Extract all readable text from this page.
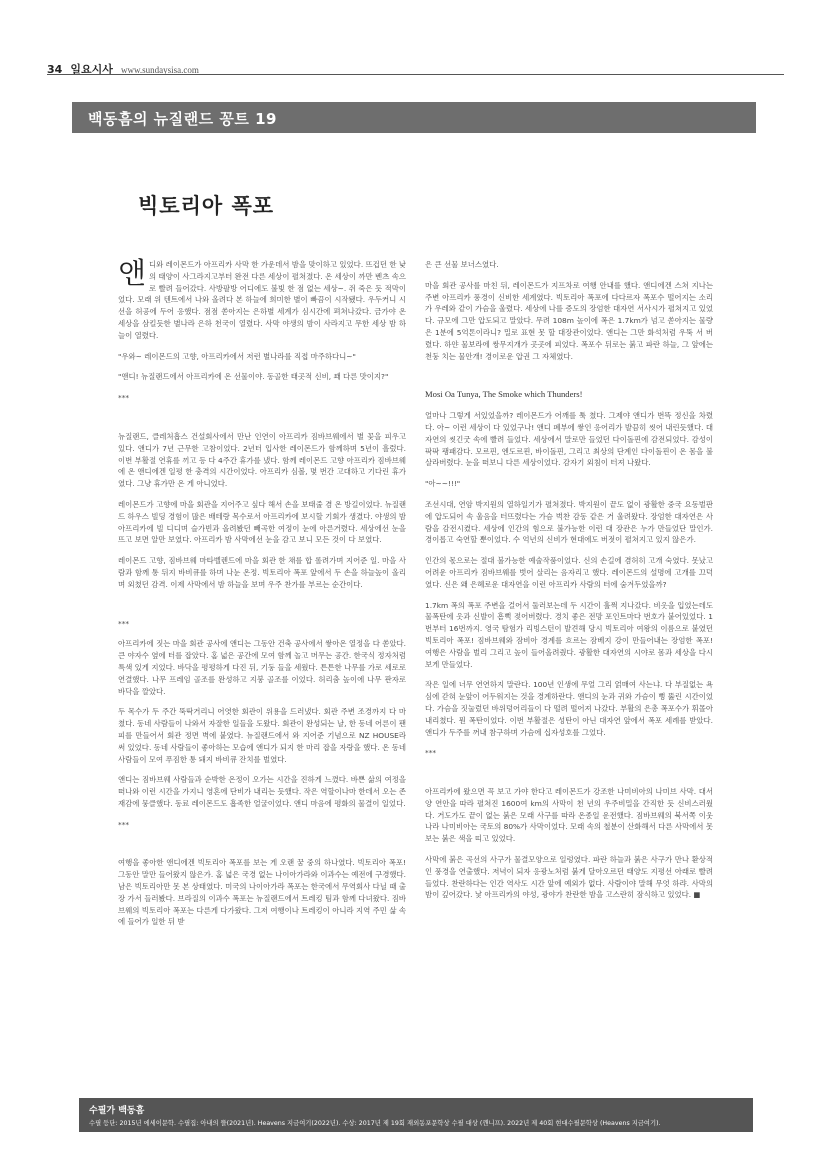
34 일요시사 www.sundaysisa.com
백동흠의 뉴질랜드 꽁트 19
빅토리아 폭포

앤디와 레이몬드가 아프리카 사막 한 가운데서 밤을 맞이하고 있었다. 뜨겁던 한 낮의 태양이 사그라지고부터 완전 다른 세상이 펼쳐졌다. 온 세상이 까만 벤츠 속으로 빨려 들어갔다. 사방팔방 어디에도 불빛 한 점 없는 세상~. 쥐 죽은 듯 적막이었다. 모래 위 텐트에서 나와 올려다 본 하늘에 희미한 별이 빠끔이 시작됐다. 우두커니 시선을 허공에 두어 응했다. 점점 쏟아지는 은하별 세계가 심시간에 펴쳐나갔다. 금가야 온 세상을 삼킬듯한 별나라 은하 천국이 열렸다. 사막 야생의 밤이 사라지고 무한 세상 밤 하늘이 열렸다.

"우와~ 레이몬드의 고향, 아프리카에서 저런 별나라를 직접 마주하다니~"

"앤디! 뉴질랜드에서 아프리카에 온 선물이야. 동골한 태곳적 신비, 꽤 다른 맛이지?"

***

뉴질랜드, 클레처흡스 건설회사에서 만난 인연이 아프리카 짐바브웨에서 별 꽃을 피우고 있다. 앤디가 7년 근무한 고참이었다. 2년터 입사한 레이몬드가 함께하며 5년이 흘렀다. 이번 부활절 연휴를 끼고 등 다 4주간 휴가를 냈다. 함께 레이몬드 고향 아프리카 짐바브웨에 온 앤디에겐 일평 한 충격의 시간이었다. 아프리카 심볼, 몇 번간 고대하고 기다린 휴가였다. 그냥 휴가만 온 게 아니었다.

레이몬드가 고향에 마을 회관을 지어주고 싶다 해서 손을 보태줄 겸 온 방길이었다. 뉴질랜드 하우스 빌딩 경험이 많은 배테랑 목수로서 아프리카에 보시할 기회가 생겼다. 야생의 밤 아프리카에 빌 디디며 슬가빈과 올려봤던 빼곡한 여정이 눈에 아른거렸다. 세상에선 눈을 뜨고 보면 알만 보였다. 아프리카 밤 사막에선 눈을 감고 보니 모든 것이 다 보였다.

레이몬드 고향, 짐바브웨 마타벨렌드에 마을 회관 한 채를 합 롤려가며 지어준 일. 마을 사람과 함께 통 뒤지 바비큐를 하며 나눈 온정. 빅토리아 폭포 앞에서 두 손을 하늘높이 올리며 외쳤던 감격. 이제 사막에서 밤 하늘을 보며 우주 찬가를 부르는 순간이다.

***

아프리카에 짓는 마을 회관 공사에 앤디는 그동안 건축 공사에서 쌓아온 열정을 다 쏟았다. 큰 야자수 옆에 터를 잡았다. 홈 넓은 공간에 모여 함께 놀고 머무는 공간. 한국식 정자처럼 특색 있게 지었다. 바닥을 평평하게 다진 뒤, 기둥 들을 세웠다. 튼튼한 나무를 가로 세로로 연결했다. 나무 프레임 골조를 완성하고 지붕 골조를 이었다. 허리춤 높이에 나무 판자로 바닥을 깔았다.

두 목수가 두 주간 뚝딱거리니 어엿한 회관이 위용을 드러냈다. 회관 주변 조경까지 다 마쳤다. 동네 사람들이 나와서 자잘한 일들을 도왔다. 회관이 완성되는 날, 한 동네 어른이 팬피를 만들어서 회관 정면 벽에 붙였다. 뉴질랜드에서 와 지어준 기념으로 NZ HOUSE라 써 있었다. 동네 사람들이 좋아하는 모습에 앤디가 되지 한 마리 잡을 자랑을 했다. 온 동네 사람들이 모여 푸짐한 통 돼지 바비큐 잔치를 벌였다.

앤디는 짐바브웨 사람들과 순박한 온정이 오가는 시간을 진하게 느꼈다. 바쁜 삶의 여정을 떠나와 이런 시간을 가지니 영혼에 단비가 내리는 듯했다. 작은 역할이나마 한데서 오는 존재감에 뭉클했다. 동료 레이몬드도 흡족한 얼굴이었다. 앤디 마음에 평화의 물결이 일었다.

***

여행을 좋아한 앤디에겐 빅토리아 폭포를 보는 게 오랜 꿈 중의 하나였다. 빅토리아 폭포! 그동안 말만 들어왔지 않은가. 홈 넓은 국경 없는 나이아가라와 이과수는 예전에 구경했다. 남은 빅토리아만 못 본 상태였다. 미국의 나이아가라 폭포는 한국에서 무역회사 다닐 때 출장 가서 들러봤다. 브라질의 이과수 폭포는 뉴질랜드에서 트레킹 팀과 함께 다녀왔다. 짐바브웨의 빅토리아 폭포는 다른게 다가왔다. 그저 여행이나 트레킹이 아니라 지역 주민 삶 속에 들어가 일한 뒤 받

은 큰 선물 보너스였다.

마을 회관 공사를 마친 뒤, 레이몬드가 지프차로 여행 안내를 했다. 앤디에겐 스쳐 지나는 주변 아프리카 풍경이 신비한 세계였다. 빅토리아 폭포에 다다르자 폭포수 떨어지는 소리가 우레와 같이 가슴을 울렸다. 세상에 나를 증도의 장엄한 대자연 서사시가 펼쳐지고 있었다. 규모에 그만 압도되고 말았다. 무려 108m 높이에 폭은 1.7km가 넘고 쏟아지는 물량은 1분에 5억톤이라니? 밀로 표현 못 할 대장관이었다. 앤디는 그만 화석처럼 우뚝 서 버렸다. 하얀 물보라에 쌍무지개가 곳곳에 피었다. 폭포수 뒤로는 붉고 파란 하늘, 그 앞에는 천둥 치는 물안개! 경이로운 압권 그 자체였다.

Mosi Oa Tunya, The Smoke which Thunders!

얼마나 그렇게 서있었을까? 레이몬드가 어깨를 툭 쳤다. 그제야 앤디가 번뜩 정신을 차렸다. 아~ 이런 세상이 다 있었구나! 앤디 폐부에 쌓인 응어리가 발끔히 씻어 내린듯했다. 대자연의 씻긴굿 속에 빨려 들었다. 세상에서 말로만 들었던 다이돌핀에 감전되었다. 감성이 팍팍 팽패감다. 모르핀, 엔도르핀, 바이돌핀, 그리고 최상의 단계인 다이돌핀이 온 몸을 불살라버렸다. 눈을 떠보니 다른 세상이었다. 감자기 외침이 터져 나왔다.

"아~~!!!"

조선시대, 연암 박지원의 열하일기가 펼쳐졌다. 박지원이 끝도 없이 광활한 중국 요동벌판에 압도되어 속 울음을 터뜨렸다는 가슴 벅찬 감동 같은 거 울려왔다. 장엄한 대자연은 사람을 감전시켰다. 세상에 인간의 힘으로 불가능한 이런 대 장관은 누가 만들었단 말인가. 경이롭고 숙연할 뿐이었다. 수 억년의 신비가 현대에도 버젓이 펼쳐지고 있지 않은가.

인간의 몫으로는 절대 불가능한 예술작품이었다. 신의 손길에 겸허히 고개 숙였다. 못났고 어려운 아프리카 짐바브웨를 벗어 살리는 음자리고 했다. 레이몬드의 설명에 고개를 끄덕였다. 신은 왜 은혜로운 대자연을 이런 아프리카 사람의 터에 숨겨두었을까?

1.7km 폭의 폭포 주변을 걸어서 둘러보는데 두 시간이 훌쩍 지나갔다. 비옷을 입었는데도 물폭탄에 옷과 신발이 흠뻑 젖어버렸다. 경치 좋은 전망 포인트마다 번호가 붙어있었다. 1번부터 16번까지. 영국 탐험가 리빙스턴이 발견해 당시 빅토리아 여왕의 이름으로 붙였던 빅토리아 폭포! 짐바브웨와 잠비아 경계를 흐르는 잠베지 강이 만들어내는 장엄한 폭포! 여행은 사람을 벌리 그리고 높이 들어올려줬다. 광활한 대자연의 시야로 몸과 세상을 다시 보게 만들었다.

작은 일에 너무 연연하지 말란다. 100년 인생에 무얼 그리 얽매여 사는냐. 다 부질없는 욕심에 갇혀 눈앞이 어두워지는 것을 경계하란다. 앤디의 눈과 귀와 가슴이 뻥 뚫린 시간이었다. 가슴을 짓눌렀던 바위덩어리들이 다 떨려 떨어져 나갔다. 부활의 은총 폭포수가 휘몰아 내리쳤다. 뭔 폭탄이었다. 이번 부활절은 성탄이 아닌 대자연 앞에서 폭포 세례를 받았다. 앤디가 두주를 꺼내 참구하며 가슴에 십자성호를 그었다.

***

아프리카에 왔으면 꼭 보고 가야 한다고 레이몬드가 강조한 나미비아의 나미브 사막. 대서양 연안을 따라 펼쳐진 1600여 km의 사막이 천 년의 우주비밀을 간직한 듯 신비스러웠다. 거도가도 끝이 없는 붉은 모래 사구를 따라 온종일 운전했다. 짐바브웨의 북서쪽 이웃나라 나미비아는 국토의 80%가 사막이었다. 모래 속의 철분이 산화해서 다른 사막에서 못 보는 붉은 색을 띠고 있었다.

사막에 붉은 곡선의 사구가 물결모양으로 일렁였다. 파란 하늘과 붉은 사구가 만나 환상적인 풍경을 연출했다. 저녁이 되자 응광노처럼 붉게 달아오르던 태양도 지평선 아래로 빨려 들었다. 찬란하다는 인간 역사도 시간 앞에 예외가 없다. 사람이야 말해 무엇 하랴. 사막의 밤이 깊어갔다. 낯 아프리카의 야성, 광야가 찬란한 밤을 고스란히 잠식하고 있었다. ■

수필가 백동흠
수필 등단: 2015년 에세이문학. 수필집: 아내의 뜰(2021년). Heavens 지금여기(2022년). 수상: 2017년 제 19회 재외동포문학상 수필 대상 (깬니프). 2022년 제 40회 현대수필문학상 (Heavens 지금여기).
